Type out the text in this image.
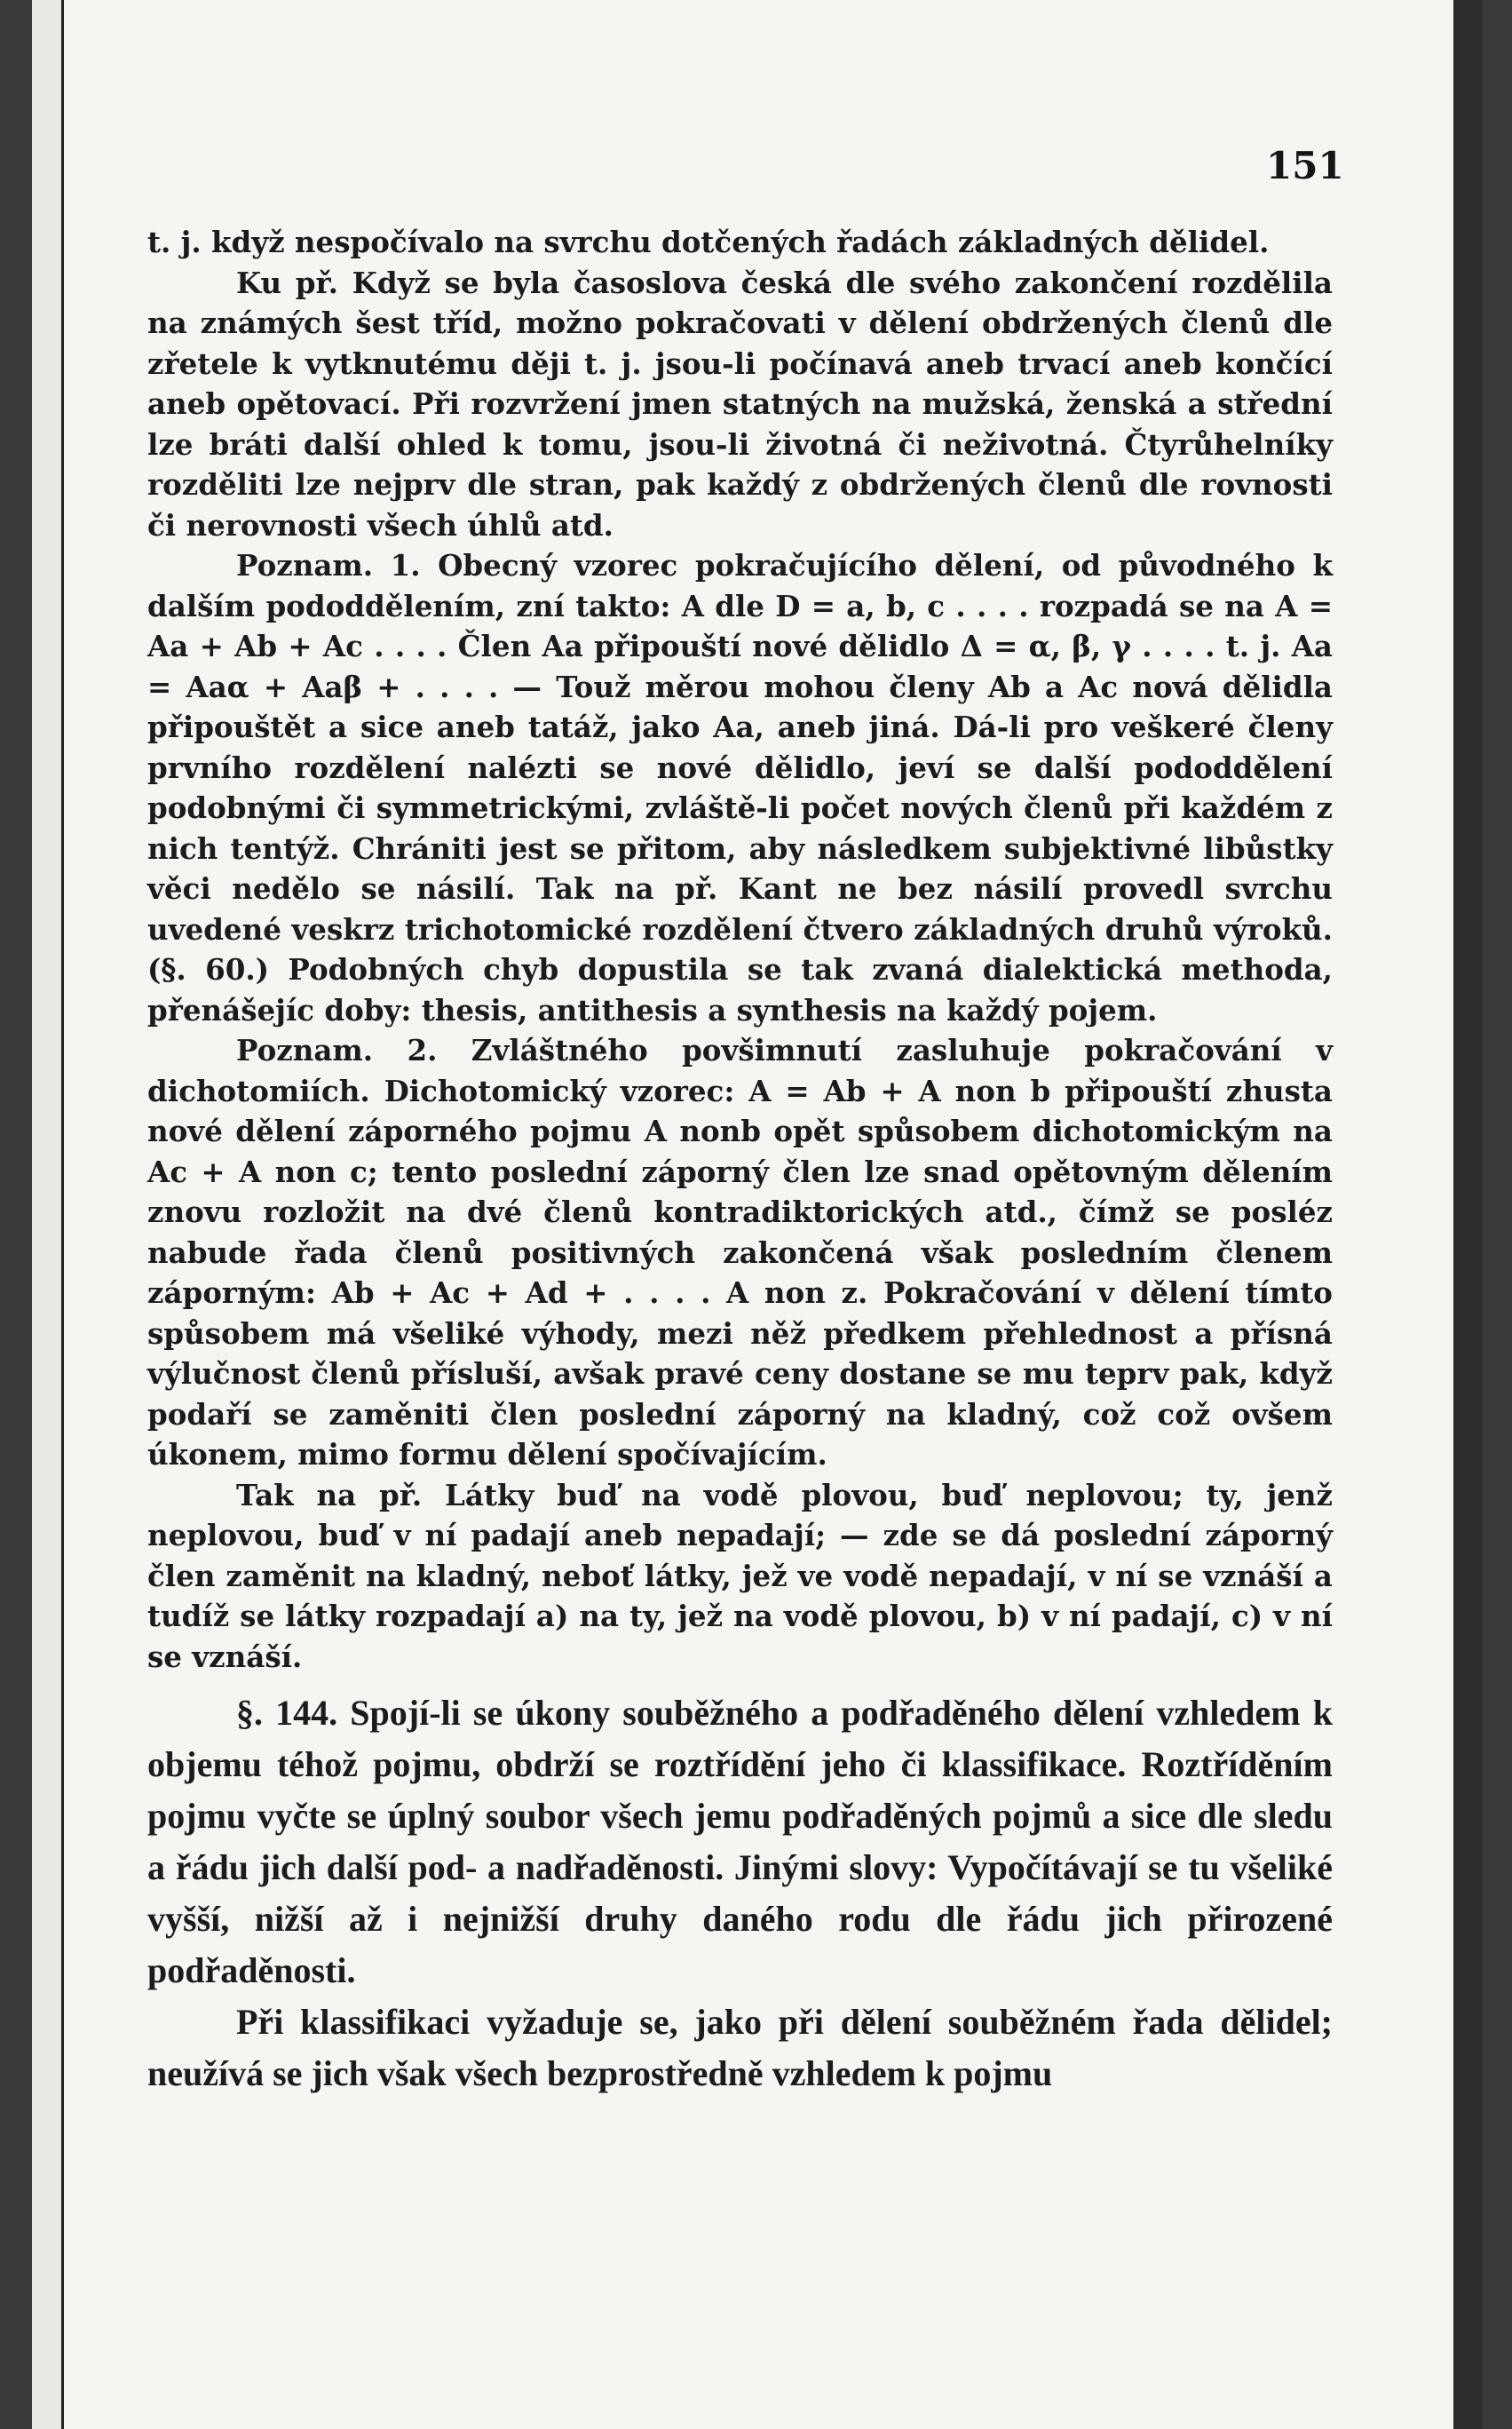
151

t. j. když nespočívalo na svrchu dotčených řadách základných dělidel.

Ku př. Když se byla časoslova česká dle svého zakončení rozdělila na známých šest tříd, možno pokračovati v dělení obdržených členů dle zřetele k vytknutému ději t. j. jsou-li počínavá aneb trvací aneb končící aneb opětovací. Při rozvržení jmen statných na mužská, ženská a střední lze bráti další ohled k tomu, jsou-li životná či neživotná. Čtyrůhelníky rozděliti lze nejprv dle stran, pak každý z obdržených členů dle rovnosti či nerovnosti všech úhlů atd.

Poznam. 1. Obecný vzorec pokračujícího dělení, od původného k dalším pododdělením, zní takto: A dle D = a, b, c . . . . rozpadá se na A = Aa + Ab + Ac . . . . Člen Aa připouští nové dělidlo Δ = α, β, γ . . . . t. j. Aa = Aaα + Aaβ + . . . . — Touž měrou mohou členy Ab a Ac nová dělidla připouštět a sice aneb tatáž, jako Aa, aneb jiná. Dá-li pro veškeré členy prvního rozdělení nalézti se nové dělidlo, jeví se další pododdělení podobnými či symmetrickými, zvláště-li počet nových členů při každém z nich tentýž. Chrániti jest se přitom, aby následkem subjektivné libůstky věci nedělo se násilí. Tak na př. Kant ne bez násilí provedl svrchu uvedené veskrz trichotomické rozdělení čtvero základných druhů výroků. (§. 60.) Podobných chyb dopustila se tak zvaná dialektická methoda, přenášejíc doby: thesis, antithesis a synthesis na každý pojem.

Poznam. 2. Zvláštného povšimnutí zasluhuje pokračování v dichotomiích. Dichotomický vzorec: A = Ab + A non b připouští zhusta nové dělení záporného pojmu A nonb opět spůsobem dichotomickým na Ac + A non c; tento poslední záporný člen lze snad opětovným dělením znovu rozložit na dvé členů kontradiktorických atd., čímž se posléz nabude řada členů positivných zakončená však posledním členem záporným: Ab + Ac + Ad + . . . . A non z. Pokračování v dělení tímto spůsobem má všeliké výhody, mezi něž předkem přehlednost a přísná výlučnost členů přísluší, avšak pravé ceny dostane se mu teprv pak, když podaří se zaměniti člen poslední záporný na kladný, což což ovšem úkonem, mimo formu dělení spočívajícím.

Tak na př. Látky buď na vodě plovou, buď neplovou; ty, jenž neplovou, buď v ní padají aneb nepadají; — zde se dá poslední záporný člen zaměnit na kladný, neboť látky, jež ve vodě nepadají, v ní se vznáší a tudíž se látky rozpadají a) na ty, jež na vodě plovou, b) v ní padají, c) v ní se vznáší.

§. 144. Spojí-li se úkony souběžného a podřaděného dělení vzhledem k objemu téhož pojmu, obdrží se roztřídění jeho či klassifikace. Roztříděním pojmu vyčte se úplný soubor všech jemu podřaděných pojmů a sice dle sledu a řádu jich další pod- a nadřaděnosti. Jinými slovy: Vypočítávají se tu všeliké vyšší, nižší až i nejnižší druhy daného rodu dle řádu jich přirozené podřaděnosti.

Při klassifikaci vyžaduje se, jako při dělení souběžném řada dělidel; neužívá se jich však všech bezprostředně vzhledem k pojmu
